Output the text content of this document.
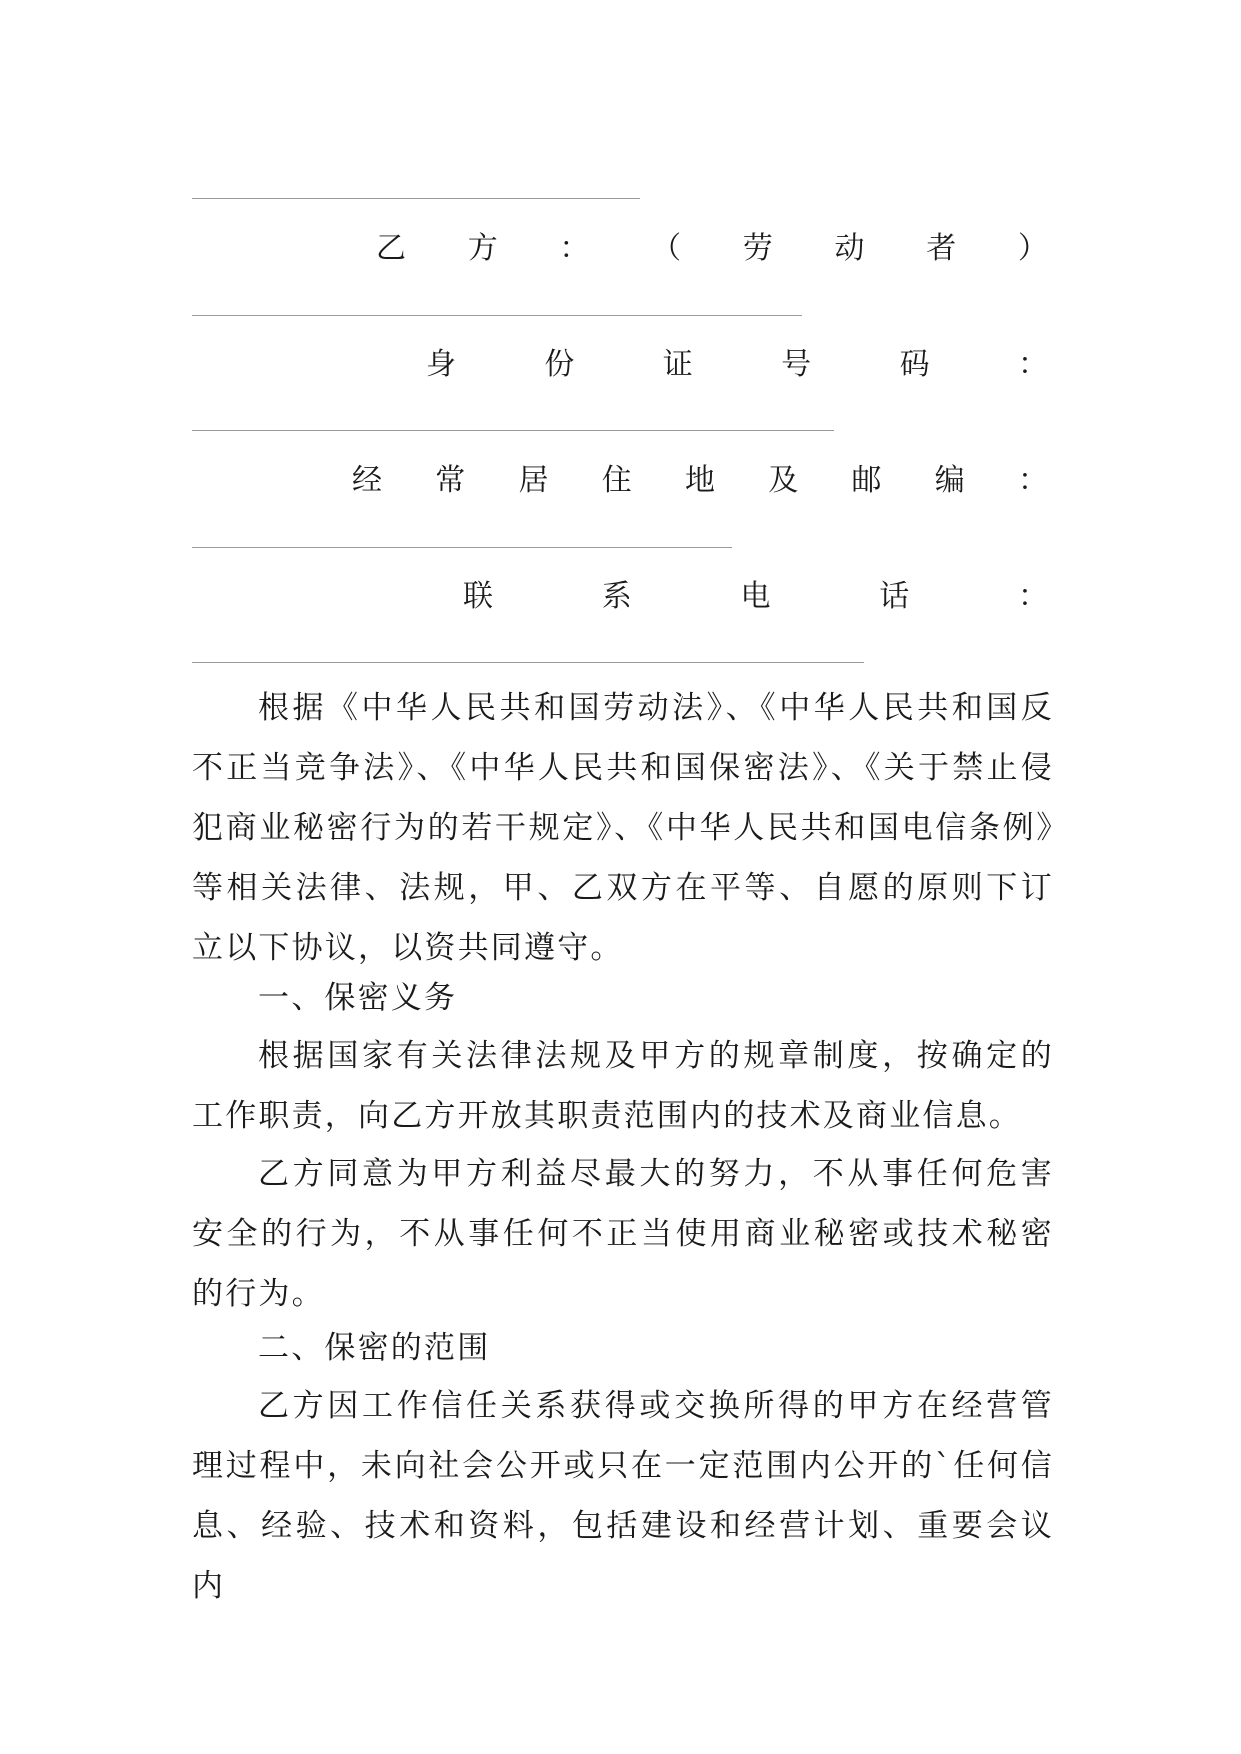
乙 方 ： （ 劳 动 者 ）
身	份	证	号	码	：
经 常 居 住 地 及 邮 编 ：
联	系	电	话	：

根据《中华人民共和国劳动法》、《中华人民共和国反不正当竞争法》、《中华人民共和国保密法》、《关于禁止侵犯商业秘密行为的若干规定》、《中华人民共和国电信条例》等相关法律、法规，甲、乙双方在平等、自愿的原则下订立以下协议，以资共同遵守。

一、保密义务

根据国家有关法律法规及甲方的规章制度，按确定的工作职责，向乙方开放其职责范围内的技术及商业信息。

乙方同意为甲方利益尽最大的努力，不从事任何危害安全的行为，不从事任何不正当使用商业秘密或技术秘密的行为。

二、保密的范围

乙方因工作信任关系获得或交换所得的甲方在经营管理过程中，未向社会公开或只在一定范围内公开的`任何信息、经验、技术和资料，包括建设和经营计划、重要会议内
